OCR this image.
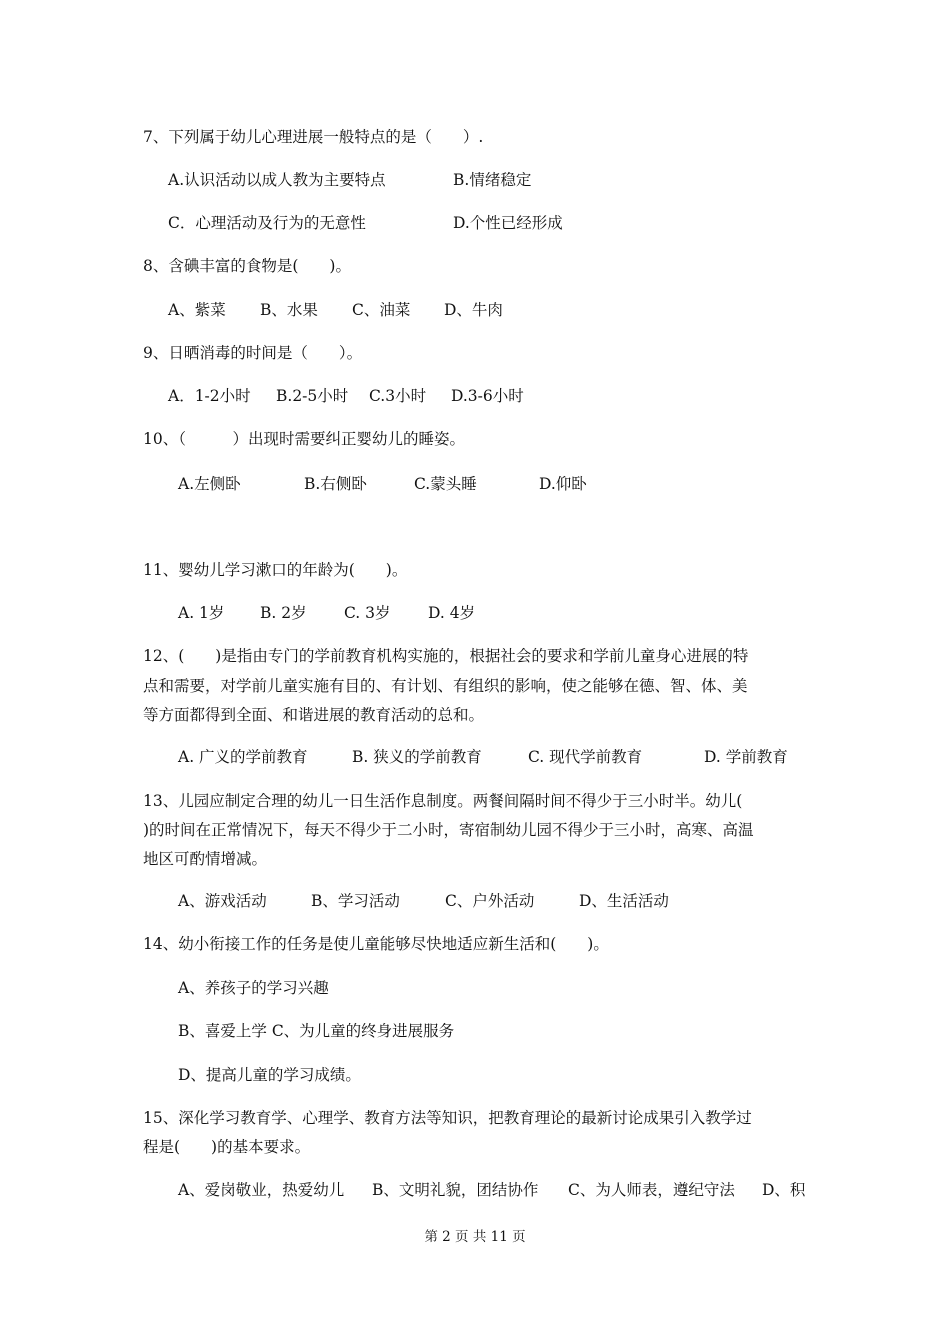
7、下列属于幼儿心理进展一般特点的是（　　）.
A.认识活动以成人教为主要特点	B.情绪稳定
C．心理活动及行为的无意性	D.个性已经形成
8、含碘丰富的食物是(　　)。
A、紫菜 B、水果 C、油菜 D、牛肉
9、日晒消毒的时间是（　　）。
A．1-2小时 B.2-5小时 C.3小时 D.3-6小时
10、（　　　）出现时需要纠正婴幼儿的睡姿。
A.左侧卧	B.右侧卧	C.蒙头睡	D.仰卧
11、婴幼儿学习漱口的年龄为(　　)。
A. 1岁 B. 2岁 C. 3岁 D. 4岁
12、(　　)是指由专门的学前教育机构实施的，根据社会的要求和学前儿童身心进展的特
点和需要，对学前儿童实施有目的、有计划、有组织的影响，使之能够在德、智、体、美
等方面都得到全面、和谐进展的教育活动的总和。
A. 广义的学前教育	B. 狭义的学前教育	C. 现代学前教育	D. 学前教育
13、儿园应制定合理的幼儿一日生活作息制度。两餐间隔时间不得少于三小时半。幼儿(
)的时间在正常情况下，每天不得少于二小时，寄宿制幼儿园不得少于三小时，高寒、高温
地区可酌情增减。
A、游戏活动	B、学习活动	C、户外活动	D、生活活动
14、幼小衔接工作的任务是使儿童能够尽快地适应新生活和(　　)。
A、养孩子的学习兴趣
B、喜爱上学 C、为儿童的终身进展服务
D、提高儿童的学习成绩。
15、深化学习教育学、心理学、教育方法等知识，把教育理论的最新讨论成果引入教学过
程是(　　)的基本要求。
A、爱岗敬业，热爱幼儿 B、文明礼貌，团结协作 C、为人师表，遵纪守法 D、积
第 2 页 共 11 页
